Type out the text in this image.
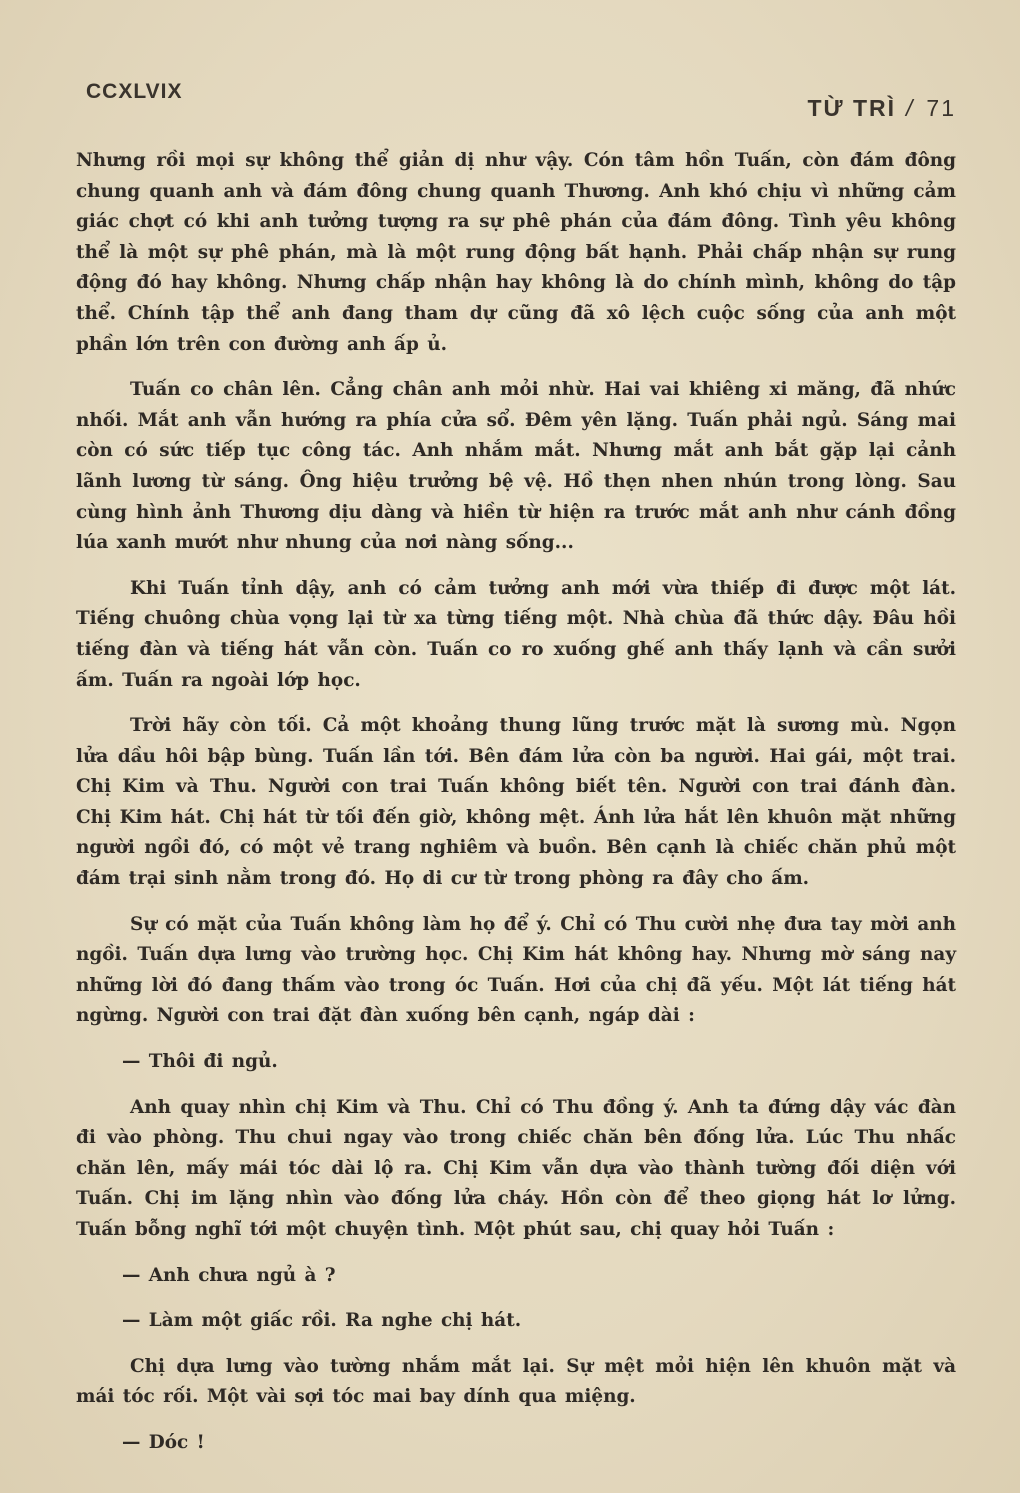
CCXLVIX
TỪ TRÌ / 71

Nhưng rồi mọi sự không thể giản dị như vậy. Cón tâm hồn Tuấn, còn đám đông chung quanh anh và đám đông chung quanh Thương. Anh khó chịu vì những cảm giác chợt có khi anh tưởng tượng ra sự phê phán của đám đông. Tình yêu không thể là một sự phê phán, mà là một rung động bất hạnh. Phải chấp nhận sự rung động đó hay không. Nhưng chấp nhận hay không là do chính mình, không do tập thể. Chính tập thể anh đang tham dự cũng đã xô lệch cuộc sống của anh một phần lớn trên con đường anh ấp ủ.

Tuấn co chân lên. Cẳng chân anh mỏi nhừ. Hai vai khiêng xi măng, đã nhức nhối. Mắt anh vẫn hướng ra phía cửa sổ. Đêm yên lặng. Tuấn phải ngủ. Sáng mai còn có sức tiếp tục công tác. Anh nhắm mắt. Nhưng mắt anh bắt gặp lại cảnh lãnh lương từ sáng. Ông hiệu trưởng bệ vệ. Hồ thẹn nhen nhún trong lòng. Sau cùng hình ảnh Thương dịu dàng và hiền từ hiện ra trước mắt anh như cánh đồng lúa xanh mướt như nhung của nơi nàng sống...

Khi Tuấn tỉnh dậy, anh có cảm tưởng anh mới vừa thiếp đi được một lát. Tiếng chuông chùa vọng lại từ xa từng tiếng một. Nhà chùa đã thức dậy. Đâu hồi tiếng đàn và tiếng hát vẫn còn. Tuấn co ro xuống ghế anh thấy lạnh và cần sưởi ấm. Tuấn ra ngoài lớp học.

Trời hãy còn tối. Cả một khoảng thung lũng trước mặt là sương mù. Ngọn lửa dầu hôi bập bùng. Tuấn lần tới. Bên đám lửa còn ba người. Hai gái, một trai. Chị Kim và Thu. Người con trai Tuấn không biết tên. Người con trai đánh đàn. Chị Kim hát. Chị hát từ tối đến giờ, không mệt. Ánh lửa hắt lên khuôn mặt những người ngồi đó, có một vẻ trang nghiêm và buồn. Bên cạnh là chiếc chăn phủ một đám trại sinh nằm trong đó. Họ di cư từ trong phòng ra đây cho ấm.

Sự có mặt của Tuấn không làm họ để ý. Chỉ có Thu cười nhẹ đưa tay mời anh ngồi. Tuấn dựa lưng vào trường học. Chị Kim hát không hay. Nhưng mờ sáng nay những lời đó đang thấm vào trong óc Tuấn. Hơi của chị đã yếu. Một lát tiếng hát ngừng. Người con trai đặt đàn xuống bên cạnh, ngáp dài :

— Thôi đi ngủ.

Anh quay nhìn chị Kim và Thu. Chỉ có Thu đồng ý. Anh ta đứng dậy vác đàn đi vào phòng. Thu chui ngay vào trong chiếc chăn bên đống lửa. Lúc Thu nhấc chăn lên, mấy mái tóc dài lộ ra. Chị Kim vẫn dựa vào thành tường đối diện với Tuấn. Chị im lặng nhìn vào đống lửa cháy. Hồn còn để theo giọng hát lơ lửng. Tuấn bỗng nghĩ tới một chuyện tình. Một phút sau, chị quay hỏi Tuấn :

— Anh chưa ngủ à ?

— Làm một giấc rồi. Ra nghe chị hát.

Chị dựa lưng vào tường nhắm mắt lại. Sự mệt mỏi hiện lên khuôn mặt và mái tóc rối. Một vài sợi tóc mai bay dính qua miệng.

— Dóc !
